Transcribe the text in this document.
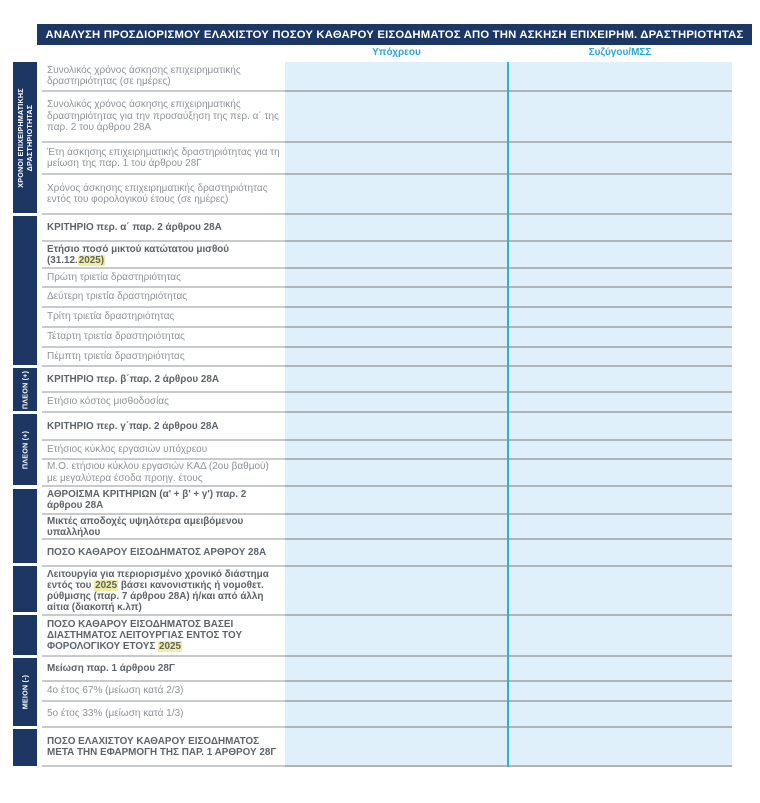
ΑΝΑΛΥΣΗ ΠΡΟΣΔΙΟΡΙΣΜΟΥ ΕΛΑΧΙΣΤΟΥ ΠΟΣΟΥ ΚΑΘΑΡΟΥ ΕΙΣΟΔΗΜΑΤΟΣ ΑΠΟ ΤΗΝ ΑΣΚΗΣΗ ΕΠΙΧΕΙΡΗΜ. ΔΡΑΣΤΗΡΙΟΤΗΤΑΣ
Υπόχρεου	Συζύγου/ΜΣΣ
ΧΡΟΝΟΙ ΕΠΙΧΕΙΡΗΜΑΤΙΚΗΣ
ΔΡΑΣΤΗΡΙΟΤΗΤΑΣ
ΠΛΕΟΝ (+)
ΠΛΕΟΝ (+)
ΜΕΙΟΝ (-)
Συνολικός χρόνος άσκησης επιχειρηματικής δραστηριότητας (σε ημέρες)
Συνολικός χρόνος άσκησης επιχειρηματικής δραστηριότητας για την προσαύξηση της περ. α΄ της παρ. 2 του άρθρου 28Α
Έτη άσκησης επιχειρηματικής δραστηριότητας για τη μείωση της παρ. 1 του άρθρου 28Γ
Χρόνος άσκησης επιχειρηματικής δραστηριότητας εντός του φορολογικού έτους (σε ημέρες)
ΚΡΙΤΗΡΙΟ περ. α΄ παρ. 2 άρθρου 28Α
Ετήσιο ποσό μικτού κατώτατου μισθού (31.12.2025)
Πρώτη τριετία δραστηριότητας
Δεύτερη τριετία δραστηριότητας
Τρίτη τριετία δραστηριότητας
Τέταρτη τριετία δραστηριότητας
Πέμπτη τριετία δραστηριότητας
ΚΡΙΤΗΡΙΟ περ. β΄παρ. 2 άρθρου 28Α
Ετήσιο κόστος μισθοδοσίας
ΚΡΙΤΗΡΙΟ περ. γ΄παρ. 2 άρθρου 28Α
Ετήσιος κύκλος εργασιών υπόχρεου
Μ.Ο. ετήσιου κύκλου εργασιών ΚΑΔ (2ου βαθμού) με μεγαλύτερα έσοδα προηγ. έτους
ΑΘΡΟΙΣΜΑ ΚΡΙΤΗΡΙΩΝ (α' + β' + γ') παρ. 2 άρθρου 28Α
Μικτές αποδοχές υψηλότερα αμειβόμενου υπαλλήλου
ΠΟΣΟ ΚΑΘΑΡΟΥ ΕΙΣΟΔΗΜΑΤΟΣ ΑΡΘΡΟΥ 28Α
Λειτουργία για περιορισμένο χρονικό διάστημα εντός του 2025 βάσει κανονιστικής ή νομοθετ. ρύθμισης (παρ. 7 άρθρου 28Α) ή/και από άλλη αίτια (διακοπή κ.λπ)
ΠΟΣΟ ΚΑΘΑΡΟΥ ΕΙΣΟΔΗΜΑΤΟΣ ΒΑΣΕΙ ΔΙΑΣΤΗΜΑΤΟΣ ΛΕΙΤΟΥΡΓΙΑΣ ΕΝΤΟΣ ΤΟΥ ΦΟΡΟΛΟΓΙΚΟΥ ΕΤΟΥΣ 2025
Μείωση παρ. 1 άρθρου 28Γ
4ο έτος 67% (μείωση κατά 2/3)
5ο έτος 33% (μείωση κατά 1/3)
ΠΟΣΟ ΕΛΑΧΙΣΤΟΥ ΚΑΘΑΡΟΥ ΕΙΣΟΔΗΜΑΤΟΣ ΜΕΤΑ ΤΗΝ ΕΦΑΡΜΟΓΗ ΤΗΣ ΠΑΡ. 1 ΑΡΘΡΟΥ 28Γ
